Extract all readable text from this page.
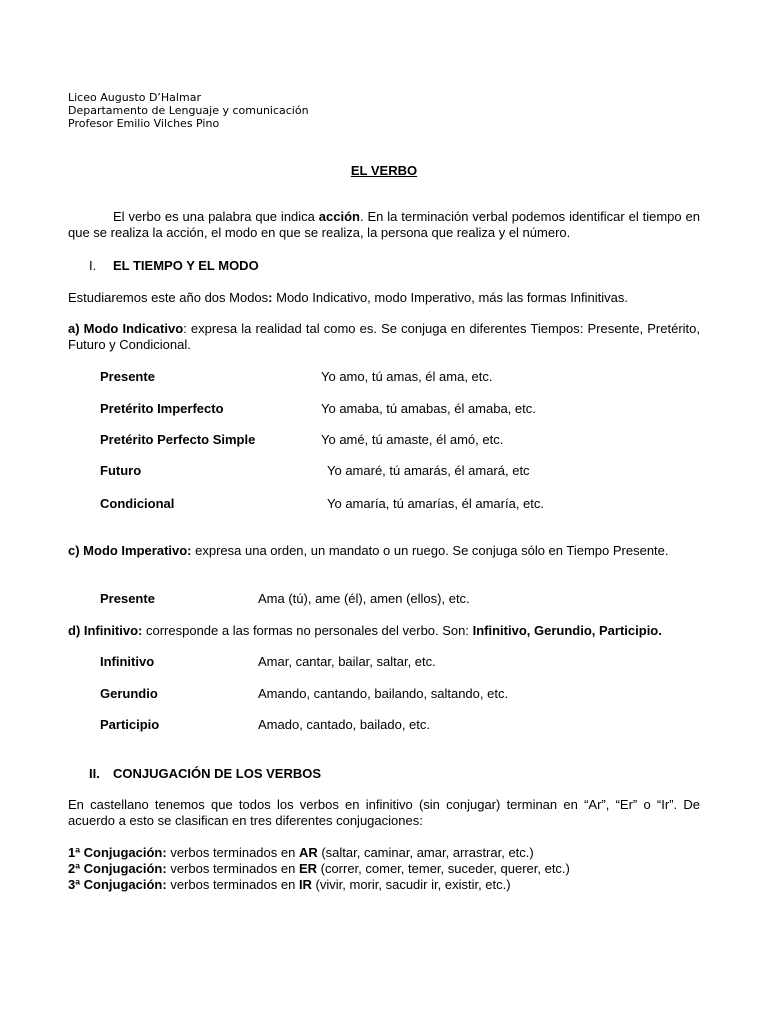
Liceo Augusto D’Halmar
Departamento de Lenguaje y comunicación
Profesor Emilio Vilches Pino
EL VERBO
El verbo es una palabra que indica acción. En la terminación verbal podemos identificar el tiempo en que se realiza la acción, el modo en que se realiza, la persona que realiza y el número.
I. EL TIEMPO Y EL MODO
Estudiaremos este año dos Modos: Modo Indicativo, modo Imperativo, más las formas Infinitivas.
a) Modo Indicativo: expresa la realidad tal como es. Se conjuga en diferentes Tiempos: Presente, Pretérito, Futuro y Condicional.
Presente	Yo amo, tú amas, él ama, etc.
Pretérito Imperfecto	Yo amaba, tú amabas, él amaba, etc.
Pretérito Perfecto Simple	Yo amé, tú amaste, él amó, etc.
Futuro	Yo amaré, tú amarás, él amará, etc
Condicional	Yo amaría, tú amarías, él amaría, etc.
c) Modo Imperativo: expresa una orden, un mandato o un ruego. Se conjuga sólo en Tiempo Presente.
Presente	Ama (tú), ame (él), amen (ellos), etc.
d) Infinitivo: corresponde a las formas no personales del verbo. Son: Infinitivo, Gerundio, Participio.
Infinitivo	Amar, cantar, bailar, saltar, etc.
Gerundio	Amando, cantando, bailando, saltando, etc.
Participio	Amado, cantado, bailado, etc.
II. CONJUGACIÓN DE LOS VERBOS
En castellano tenemos que todos los verbos en infinitivo (sin conjugar) terminan en “Ar”, “Er” o “Ir”. De acuerdo a esto se clasifican en tres diferentes conjugaciones:
1ª Conjugación: verbos terminados en AR (saltar, caminar, amar, arrastrar, etc.)
2ª Conjugación: verbos terminados en ER (correr, comer, temer, suceder, querer, etc.)
3ª Conjugación: verbos terminados en IR (vivir, morir, sacudir ir, existir, etc.)
